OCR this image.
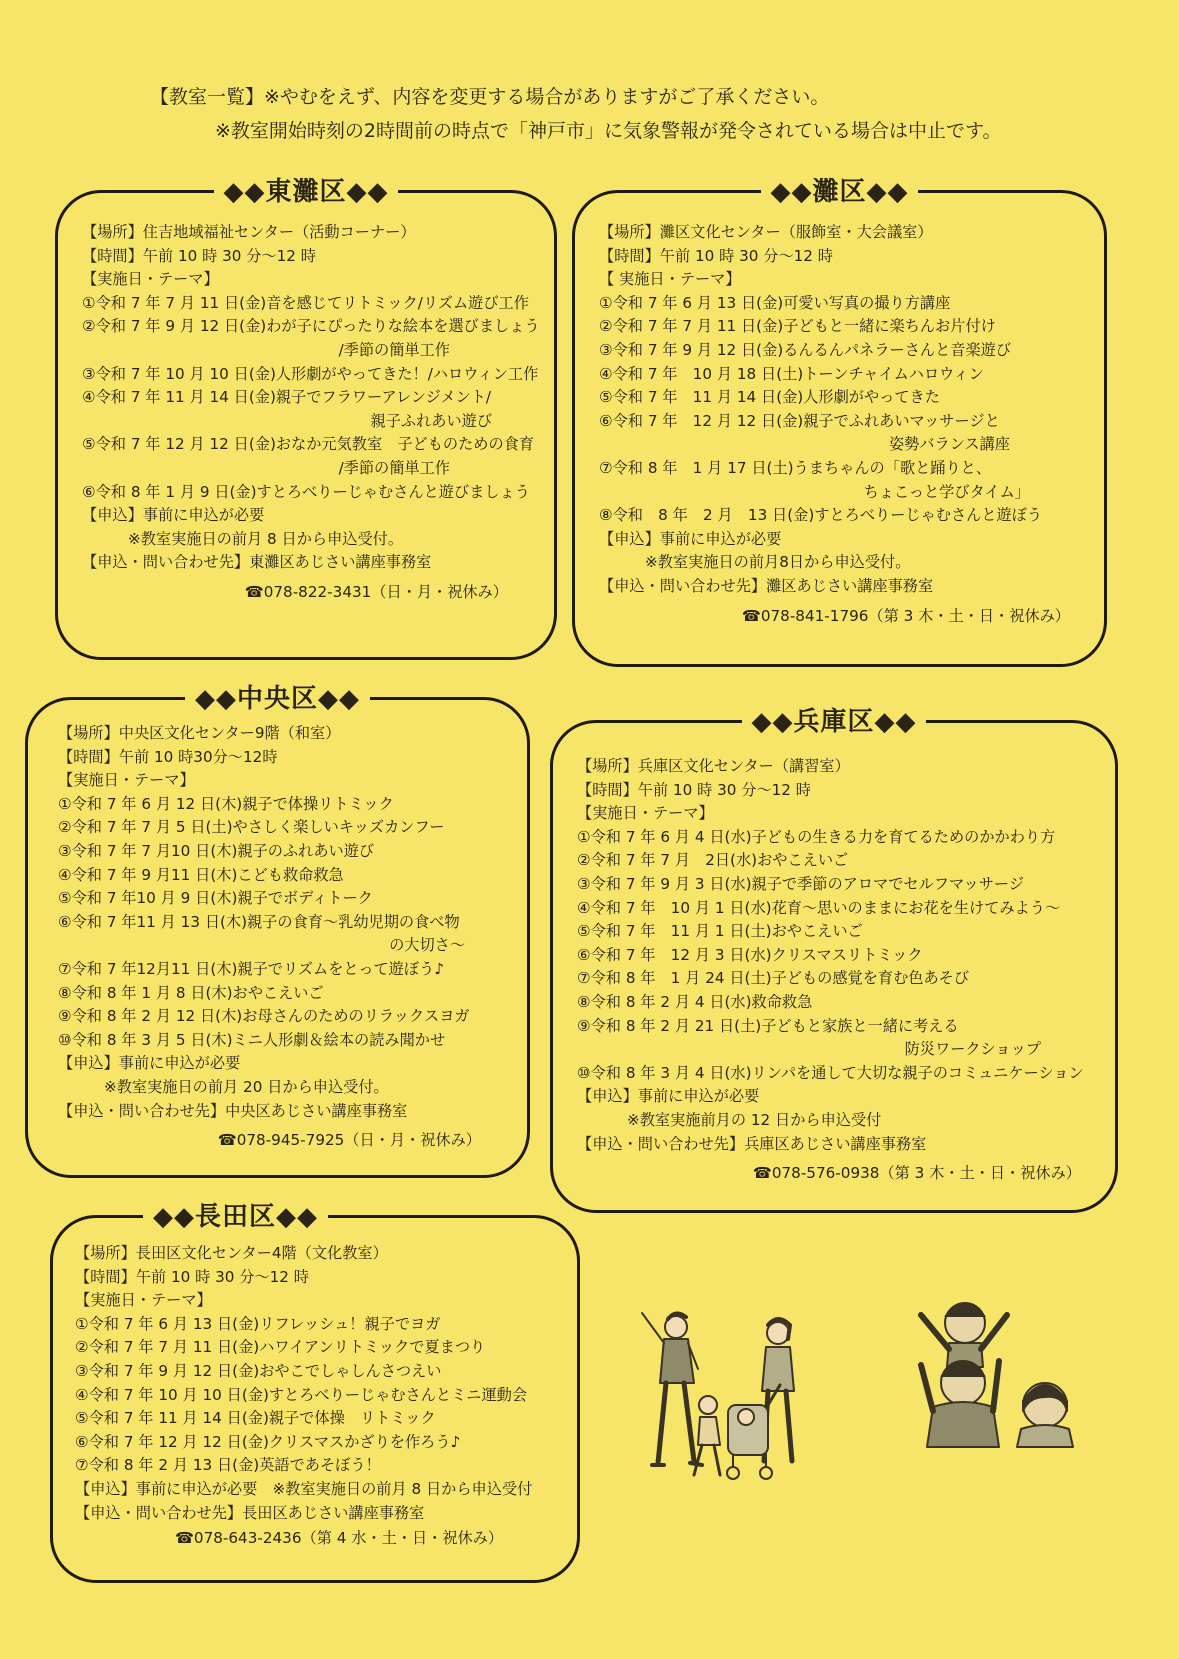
【教室一覧】※やむをえず、内容を変更する場合がありますがご了承ください。
※教室開始時刻の2時間前の時点で「神戸市」に気象警報が発令されている場合は中止です。
◆◆東灘区◆◆
【場所】住吉地域福祉センター（活動コーナー）
【時間】午前 10 時 30 分～12 時
【実施日・テーマ】
①令和 7 年 7 月 11 日(金)音を感じてリトミック/リズム遊び工作
②令和 7 年 9 月 12 日(金)わが子にぴったりな絵本を選びましょう
/季節の簡単工作
③令和 7 年 10 月 10 日(金)人形劇がやってきた！/ハロウィン工作
④令和 7 年 11 月 14 日(金)親子でフラワーアレンジメント/
親子ふれあい遊び
⑤令和 7 年 12 月 12 日(金)おなか元気教室　子どものための食育
/季節の簡単工作
⑥令和 8 年 1 月 9 日(金)すとろべりーじゃむさんと遊びましょう
【申込】事前に申込が必要
※教室実施日の前月 8 日から申込受付。
【申込・問い合わせ先】東灘区あじさい講座事務室
☎078-822-3431（日・月・祝休み）
◆◆灘区◆◆
【場所】灘区文化センター（服飾室・大会議室）
【時間】午前 10 時 30 分～12 時
【 実施日・テーマ】
①令和 7 年 6 月 13 日(金)可愛い写真の撮り方講座
②令和 7 年 7 月 11 日(金)子どもと一緒に楽ちんお片付け
③令和 7 年 9 月 12 日(金)るんるんパネラーさんと音楽遊び
④令和 7 年　10 月 18 日(土)トーンチャイムハロウィン
⑤令和 7 年　11 月 14 日(金)人形劇がやってきた
⑥令和 7 年　12 月 12 日(金)親子でふれあいマッサージと
姿勢バランス講座
⑦令和 8 年　1 月 17 日(土)うまちゃんの「歌と踊りと、
ちょこっと学びタイム」
⑧令和　8 年　2 月　13 日(金)すとろべりーじゃむさんと遊ぼう
【申込】事前に申込が必要
※教室実施日の前月8日から申込受付。
【申込・問い合わせ先】灘区あじさい講座事務室
☎078-841-1796（第 3 木・土・日・祝休み）
◆◆中央区◆◆
【場所】中央区文化センター9階（和室）
【時間】午前 10 時30分～12時
【実施日・テーマ】
①令和 7 年 6 月 12 日(木)親子で体操リトミック
②令和 7 年 7 月 5 日(土)やさしく楽しいキッズカンフー
③令和 7 年 7 月10 日(木)親子のふれあい遊び
④令和 7 年 9 月11 日(木)こども救命救急
⑤令和 7 年10 月 9 日(木)親子でボディトーク
⑥令和 7 年11 月 13 日(木)親子の食育～乳幼児期の食べ物
の大切さ～
⑦令和 7 年12月11 日(木)親子でリズムをとって遊ぼう♪
⑧令和 8 年 1 月 8 日(木)おやこえいご
⑨令和 8 年 2 月 12 日(木)お母さんのためのリラックスヨガ
⑩令和 8 年 3 月 5 日(木)ミニ人形劇＆絵本の読み聞かせ
【申込】事前に申込が必要
※教室実施日の前月 20 日から申込受付。
【申込・問い合わせ先】中央区あじさい講座事務室
☎078-945-7925（日・月・祝休み）
◆◆兵庫区◆◆
【場所】兵庫区文化センター（講習室）
【時間】午前 10 時 30 分～12 時
【実施日・テーマ】
①令和 7 年 6 月 4 日(水)子どもの生きる力を育てるためのかかわり方
②令和 7 年 7 月　2日(水)おやこえいご
③令和 7 年 9 月 3 日(水)親子で季節のアロマでセルフマッサージ
④令和 7 年　10 月 1 日(水)花育～思いのままにお花を生けてみよう～
⑤令和 7 年　11 月 1 日(土)おやこえいご
⑥令和 7 年　12 月 3 日(水)クリスマスリトミック
⑦令和 8 年　1 月 24 日(土)子どもの感覚を育む色あそび
⑧令和 8 年 2 月 4 日(水)救命救急
⑨令和 8 年 2 月 21 日(土)子どもと家族と一緒に考える
防災ワークショップ
⑩令和 8 年 3 月 4 日(水)リンパを通して大切な親子のコミュニケーション
【申込】事前に申込が必要
※教室実施前月の 12 日から申込受付
【申込・問い合わせ先】兵庫区あじさい講座事務室
☎078-576-0938（第 3 木・土・日・祝休み）
◆◆長田区◆◆
【場所】長田区文化センター4階（文化教室）
【時間】午前 10 時 30 分～12 時
【実施日・テーマ】
①令和 7 年 6 月 13 日(金)リフレッシュ！親子でヨガ
②令和 7 年 7 月 11 日(金)ハワイアンリトミックで夏まつり
③令和 7 年 9 月 12 日(金)おやこでしゃしんさつえい
④令和 7 年 10 月 10 日(金)すとろべりーじゃむさんとミニ運動会
⑤令和 7 年 11 月 14 日(金)親子で体操　リトミック
⑥令和 7 年 12 月 12 日(金)クリスマスかざりを作ろう♪
⑦令和 8 年 2 月 13 日(金)英語であそぼう！
【申込】事前に申込が必要　※教室実施日の前月 8 日から申込受付
【申込・問い合わせ先】長田区あじさい講座事務室
☎078-643-2436（第 4 水・土・日・祝休み）
